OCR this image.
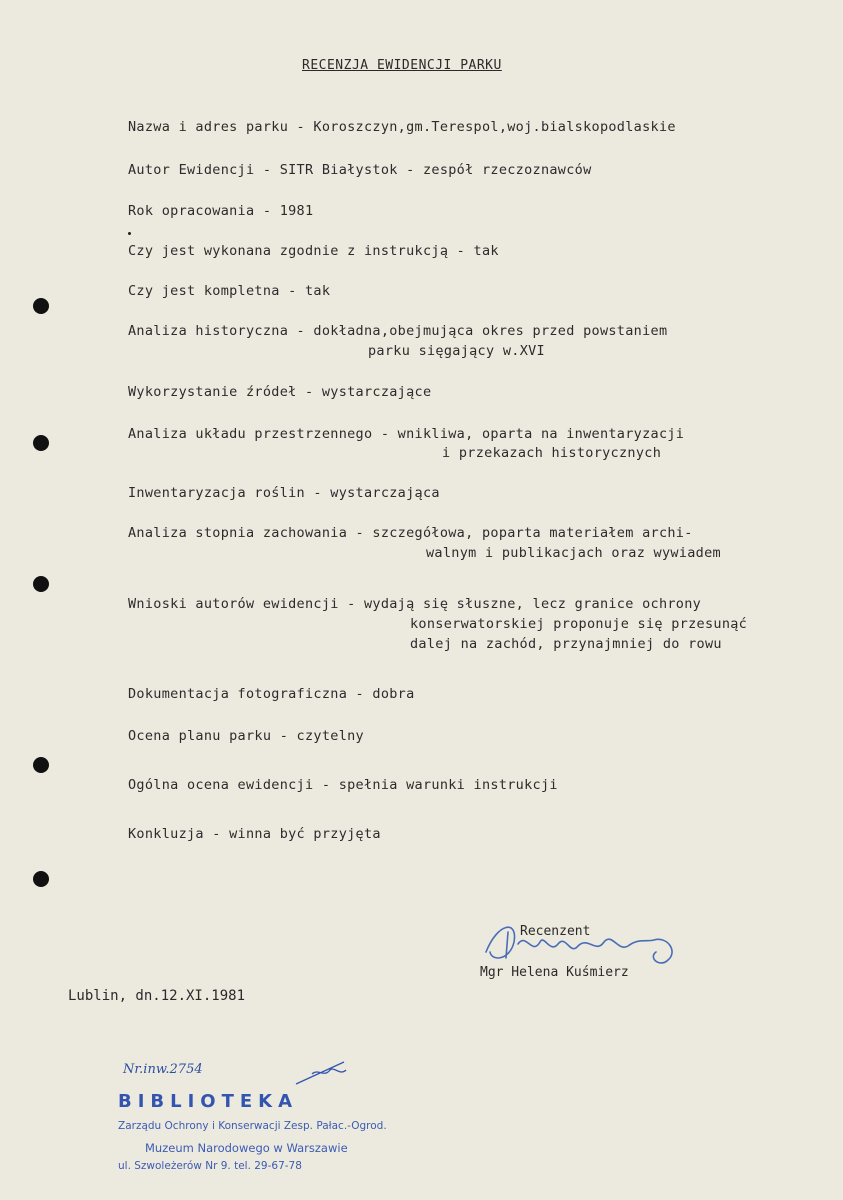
RECENZJA EWIDENCJI PARKU
Nazwa i adres parku - Koroszczyn,gm.Terespol,woj.bialskopodlaskie
Autor Ewidencji - SITR Białystok - zespół rzeczoznawców
Rok opracowania - 1981
Czy jest wykonana zgodnie z instrukcją - tak
Czy jest kompletna - tak
Analiza historyczna - dokładna,obejmująca okres przed powstaniem
parku sięgający w.XVI
Wykorzystanie źródeł - wystarczające
Analiza układu przestrzennego - wnikliwa, oparta na inwentaryzacji
i przekazach historycznych
Inwentaryzacja roślin - wystarczająca
Analiza stopnia zachowania - szczegółowa, poparta materiałem archi-
walnym i publikacjach oraz wywiadem
Wnioski autorów ewidencji - wydają się słuszne, lecz granice ochrony
konserwatorskiej proponuje się przesunąć
dalej na zachód, przynajmniej do rowu
Dokumentacja fotograficzna - dobra
Ocena planu parku - czytelny
Ogólna ocena ewidencji - spełnia warunki instrukcji
Konkluzja - winna być przyjęta
Recenzent
Mgr Helena Kuśmierz
Lublin, dn.12.XI.1981
Nr.inw.2754
BIBLIOTEKA
Zarządu Ochrony i Konserwacji Zesp. Pałac.-Ogrod.
Muzeum Narodowego w Warszawie
ul. Szwoleżerów Nr 9. tel. 29-67-78
